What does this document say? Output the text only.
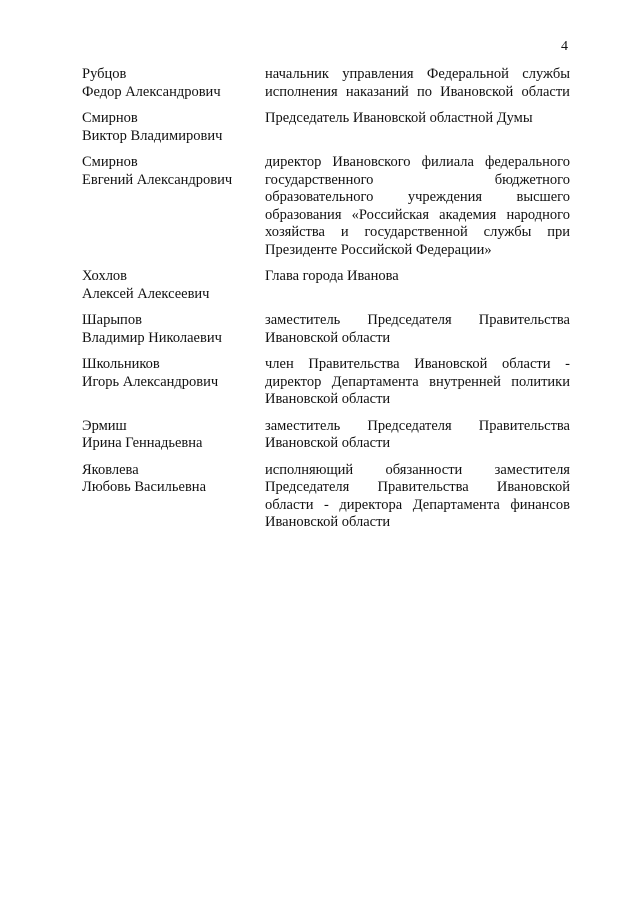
4
Рубцов
Федор Александрович
начальник управления Федеральной службы
исполнения наказаний по Ивановской области
Смирнов
Виктор Владимирович
Председатель Ивановской областной Думы
Смирнов
Евгений Александрович
директор Ивановского филиала федерального
государственного	бюджетного
образовательного учреждения высшего
образования «Российская академия народного
хозяйства и государственной службы при
Президенте Российской Федерации»
Хохлов
Алексей Алексеевич
Глава города Иванова
Шарыпов
Владимир Николаевич
заместитель Председателя Правительства
Ивановской области
Школьников
Игорь Александрович
член Правительства Ивановской области -
директор Департамента внутренней политики
Ивановской области
Эрмиш
Ирина Геннадьевна
заместитель Председателя Правительства
Ивановской области
Яковлева
Любовь Васильевна
исполняющий обязанности заместителя
Председателя Правительства Ивановской
области - директора Департамента финансов
Ивановской области
